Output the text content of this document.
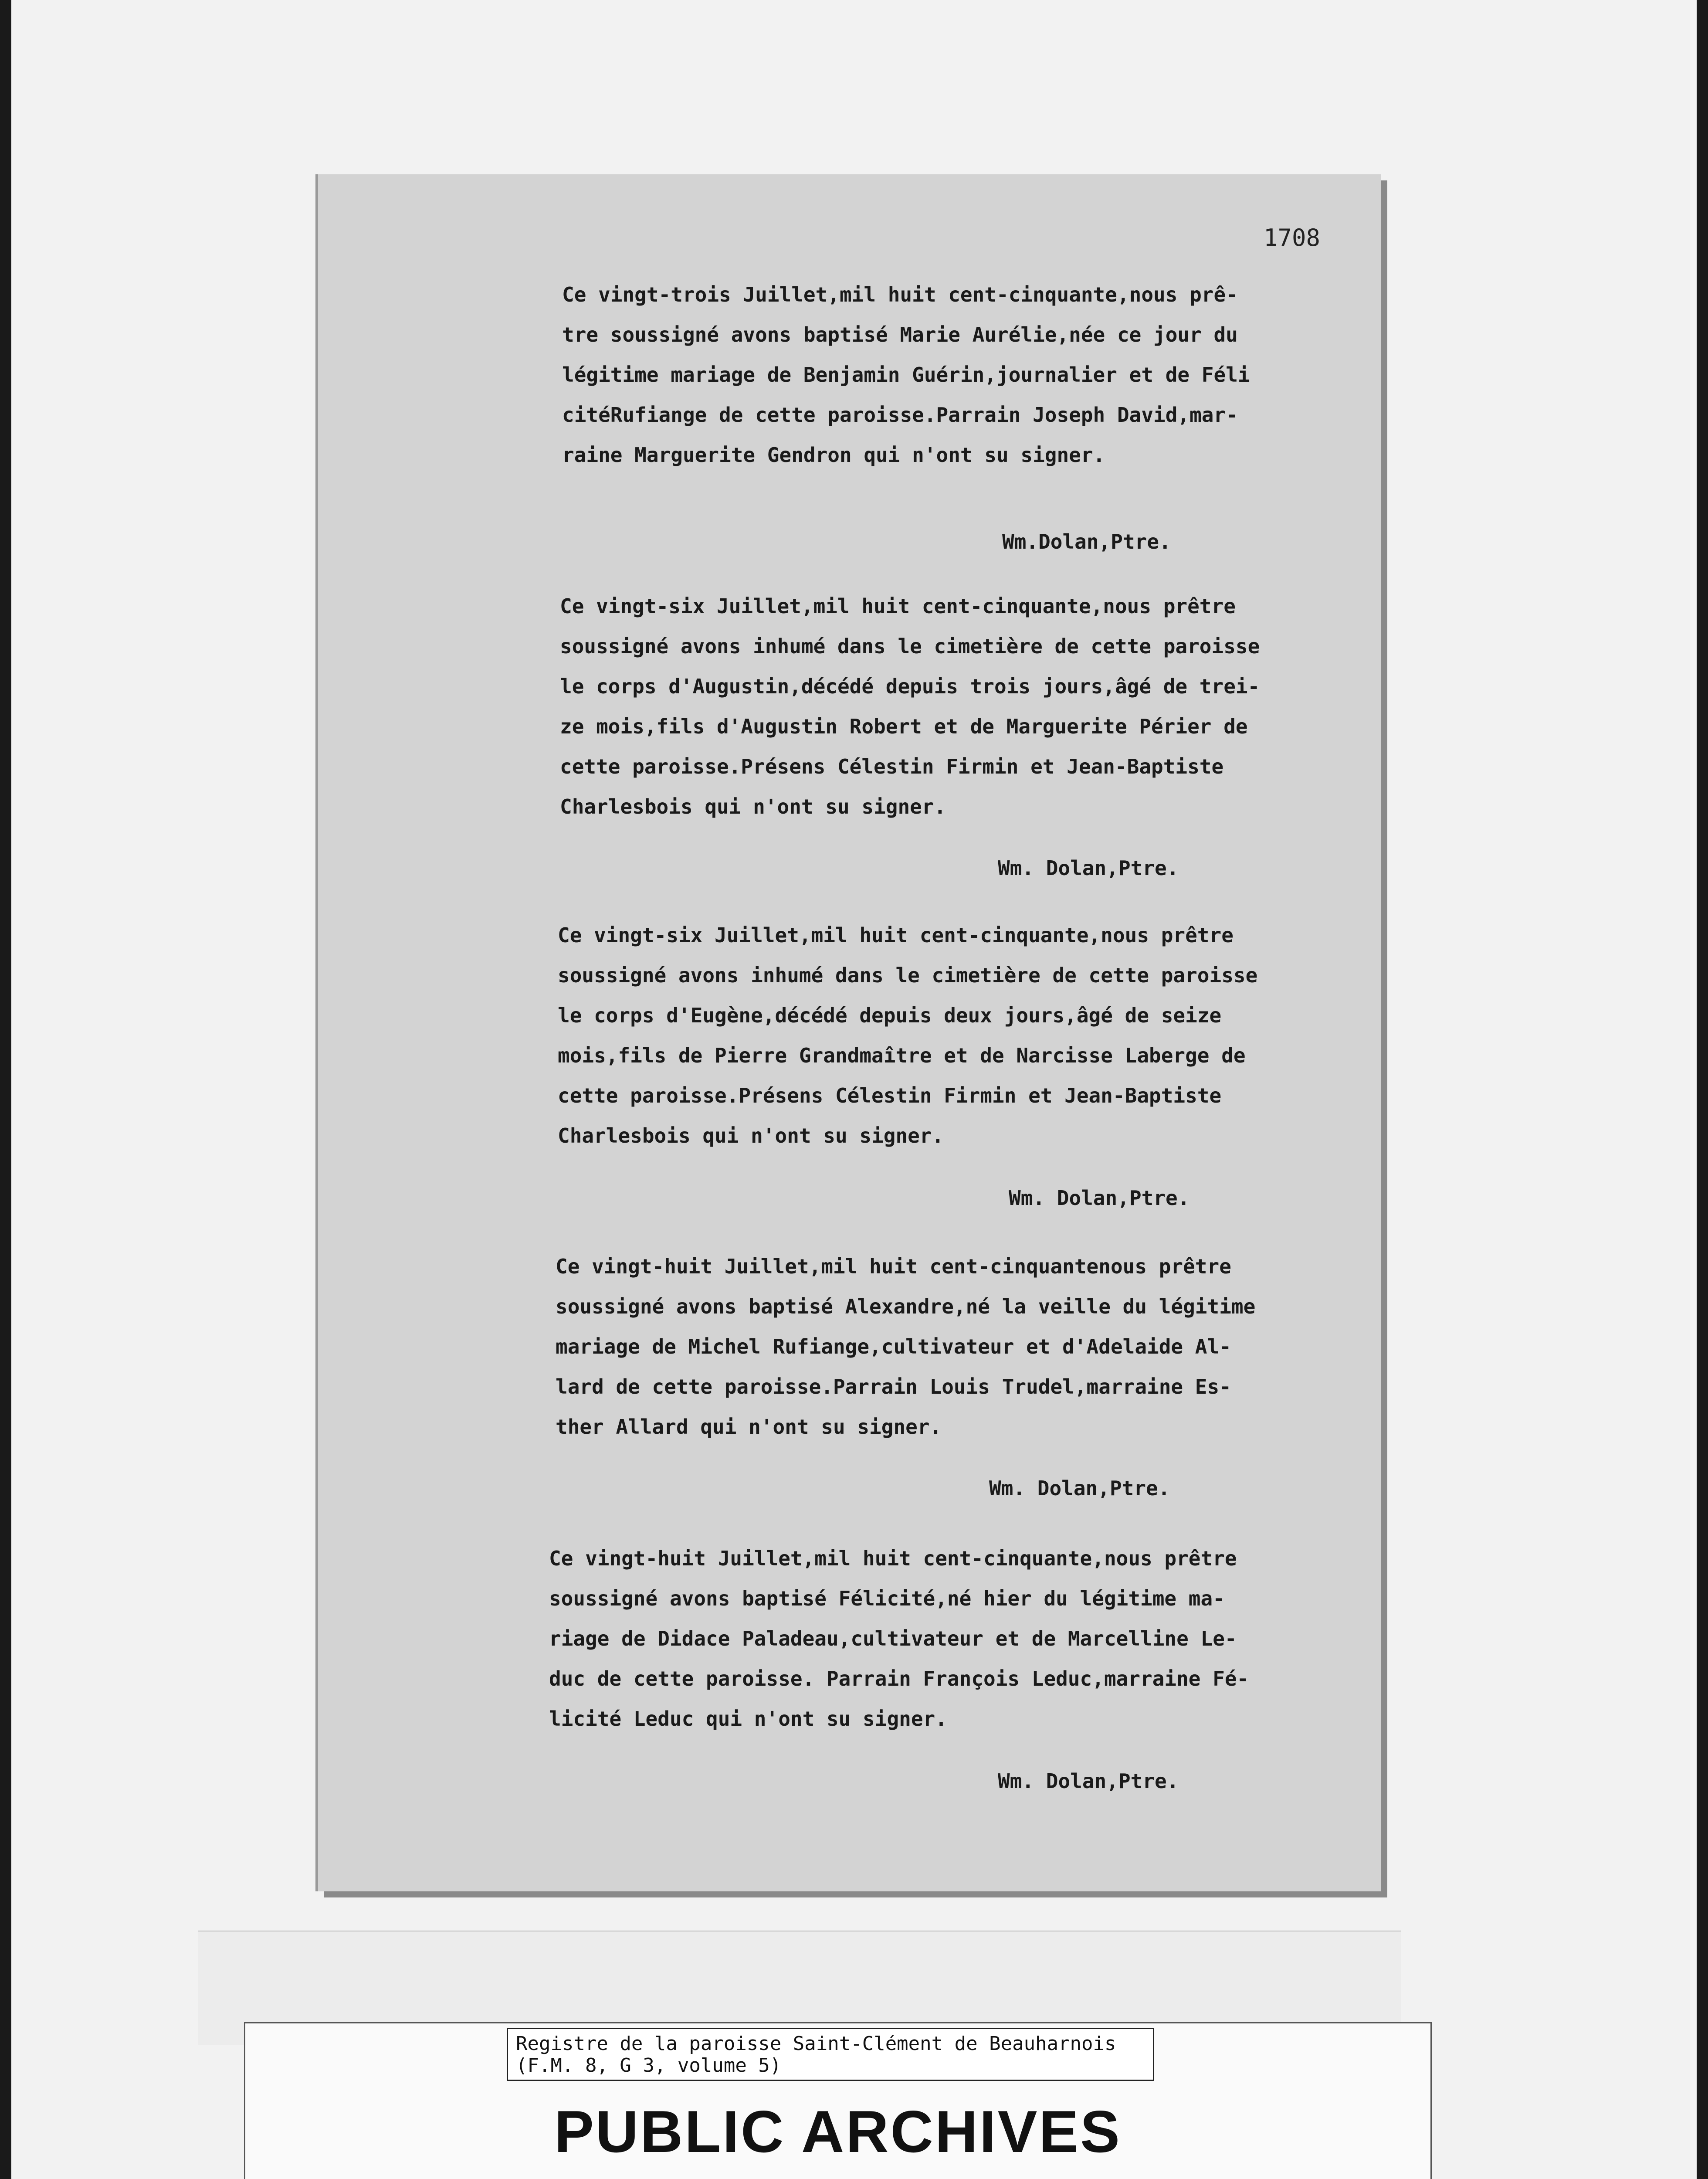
1708

Ce vingt-trois Juillet,mil huit cent-cinquante,nous prê-

tre soussigné avons baptisé Marie Aurélie,née ce jour du

légitime mariage de Benjamin Guérin,journalier et de Féli

citéRufiange de cette paroisse.Parrain Joseph David,mar-

raine Marguerite Gendron qui n'ont su signer.

Wm.Dolan,Ptre.

Ce vingt-six Juillet,mil huit cent-cinquante,nous prêtre

soussigné avons inhumé dans le cimetière de cette paroisse

le corps d'Augustin,décédé depuis trois jours,âgé de trei-

ze mois,fils d'Augustin Robert et de Marguerite Périer de

cette paroisse.Présens Célestin Firmin et Jean-Baptiste

Charlesbois qui n'ont su signer.

Wm. Dolan,Ptre.

Ce vingt-six Juillet,mil huit cent-cinquante,nous prêtre

soussigné avons inhumé dans le cimetière de cette paroisse

le corps d'Eugène,décédé depuis deux jours,âgé de seize

mois,fils de Pierre Grandmaître et de Narcisse Laberge de

cette paroisse.Présens Célestin Firmin et Jean-Baptiste

Charlesbois qui n'ont su signer.

Wm. Dolan,Ptre.

Ce vingt-huit Juillet,mil huit cent-cinquantenous prêtre

soussigné avons baptisé Alexandre,né la veille du légitime

mariage de Michel Rufiange,cultivateur et d'Adelaide Al-

lard de cette paroisse.Parrain Louis Trudel,marraine Es-

ther Allard qui n'ont su signer.

Wm. Dolan,Ptre.

Ce vingt-huit Juillet,mil huit cent-cinquante,nous prêtre

soussigné avons baptisé Félicité,né hier du légitime ma-

riage de Didace Paladeau,cultivateur et de Marcelline Le-

duc de cette paroisse. Parrain François Leduc,marraine Fé-

licité Leduc qui n'ont su signer.

Wm. Dolan,Ptre.
Registre de la paroisse Saint-Clément de Beauharnois
(F.M. 8, G 3, volume 5)
PUBLIC ARCHIVES
